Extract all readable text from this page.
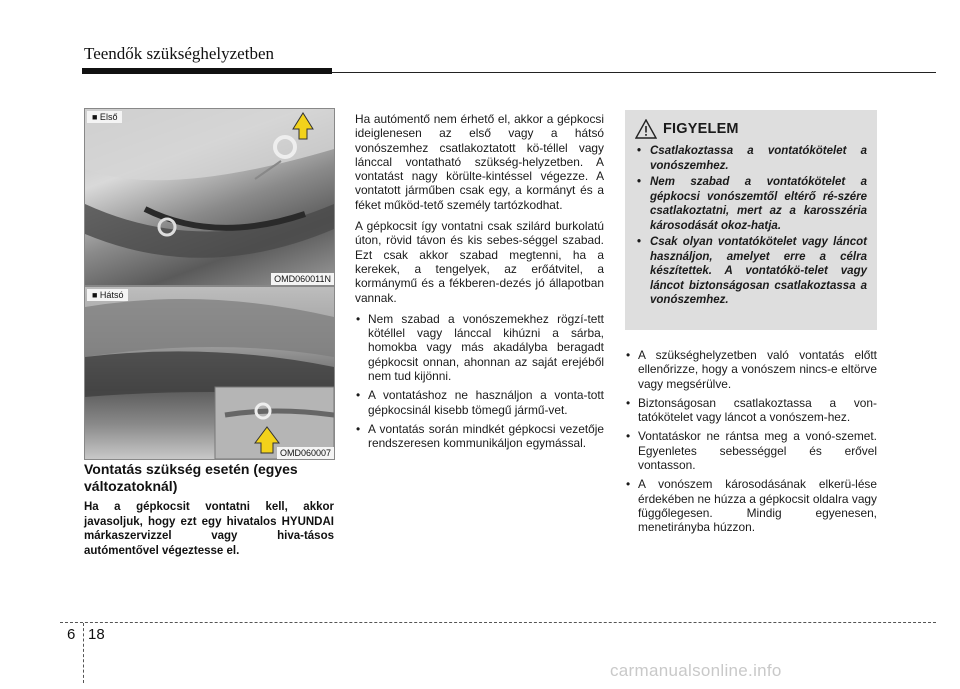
Teendők szükséghelyzetben
■ Első
OMD060011N
■ Hátsó
OMD060007
Vontatás szükség esetén (egyes változatoknál)
Ha a gépkocsit vontatni kell, akkor javasoljuk, hogy ezt egy hivatalos HYUNDAI márkaszervizzel vagy hiva-tásos autómentővel végeztesse el.

Ha autómentő nem érhető el, akkor a gépkocsi ideiglenesen az első vagy a hátsó vonószemhez csatlakoztatott kö-téllel vagy lánccal vontatható szükség-helyzetben. A vontatást nagy körülte-kintéssel végezze. A vontatott járműben csak egy, a kormányt és a féket működ-tető személy tartózkodhat.

A gépkocsit így vontatni csak szilárd burkolatú úton, rövid távon és kis sebes-séggel szabad. Ezt csak akkor szabad megtenni, ha a kerekek, a tengelyek, az erőátvitel, a kormánymű és a fékberen-dezés jó állapotban vannak.

• Nem szabad a vonószemekhez rögzí-tett kötéllel vagy lánccal kihúzni a sárba, homokba vagy más akadályba beragadt gépkocsit onnan, ahonnan az saját erejéből nem tud kijönni.
• A vontatáshoz ne használjon a vonta-tott gépkocsinál kisebb tömegű jármű-vet.
• A vontatás során mindkét gépkocsi vezetője rendszeresen kommunikáljon egymással.
FIGYELEM
• Csatlakoztassa a vontatókötelet a vonószemhez.
• Nem szabad a vontatókötelet a gépkocsi vonószemtől eltérő ré-szére csatlakoztatni, mert az a karosszéria károsodását okoz-hatja.
• Csak olyan vontatókötelet vagy láncot használjon, amelyet erre a célra készítettek. A vontatókö-telet vagy láncot biztonságosan csatlakoztassa a vonószemhez.
• A szükséghelyzetben való vontatás előtt ellenőrizze, hogy a vonószem nincs-e eltörve vagy megsérülve.
• Biztonságosan csatlakoztassa a von-tatókötelet vagy láncot a vonószem-hez.
• Vontatáskor ne rántsa meg a vonó-szemet. Egyenletes sebességgel és erővel vontasson.
• A vonószem károsodásának elkerü-lése érdekében ne húzza a gépkocsit oldalra vagy függőlegesen. Mindig egyenesen, menetirányba húzzon.
6 18
carmanualsonline.info
